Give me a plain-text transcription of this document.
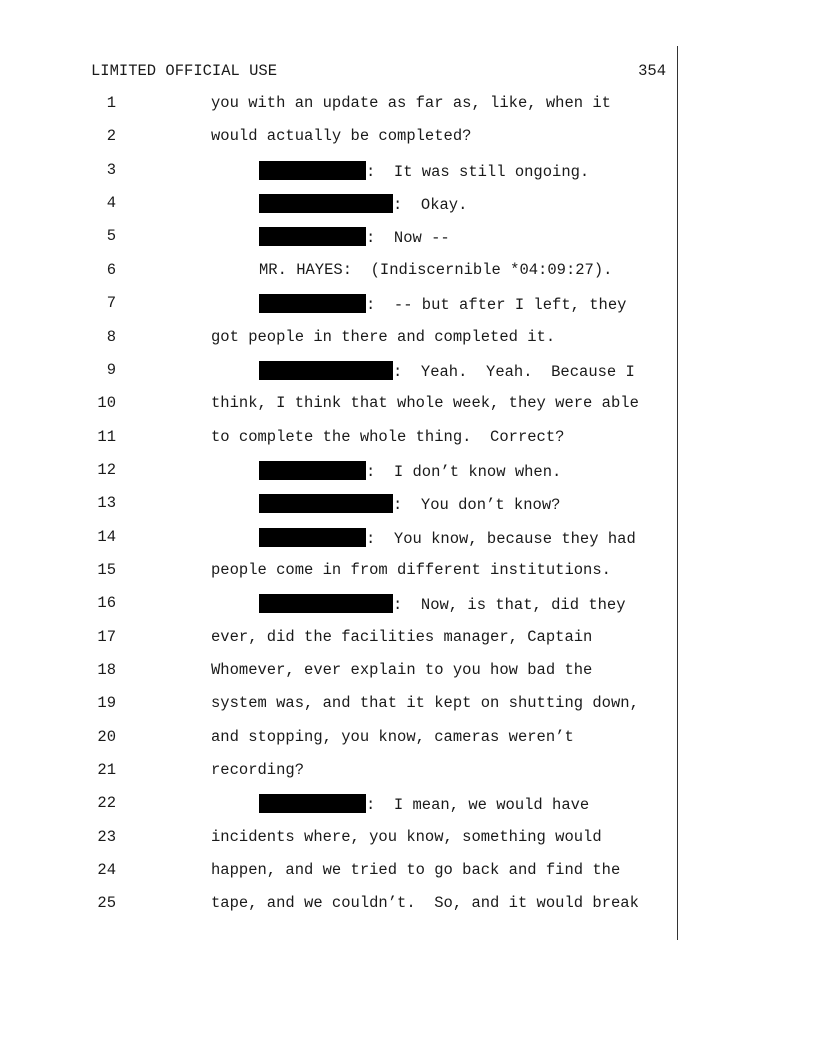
LIMITED OFFICIAL USE	354
1	you with an update as far as, like, when it
2	would actually be completed?
3	:  It was still ongoing.
4	:  Okay.
5	:  Now --
6	MR. HAYES:  (Indiscernible *04:09:27).
7	:  -- but after I left, they
8	got people in there and completed it.
9	:  Yeah.  Yeah.  Because I
10	think, I think that whole week, they were able
11	to complete the whole thing.  Correct?
12	:  I don’t know when.
13	:  You don’t know?
14	:  You know, because they had
15	people come in from different institutions.
16	:  Now, is that, did they
17	ever, did the facilities manager, Captain
18	Whomever, ever explain to you how bad the
19	system was, and that it kept on shutting down,
20	and stopping, you know, cameras weren’t
21	recording?
22	:  I mean, we would have
23	incidents where, you know, something would
24	happen, and we tried to go back and find the
25	tape, and we couldn’t.  So, and it would break
